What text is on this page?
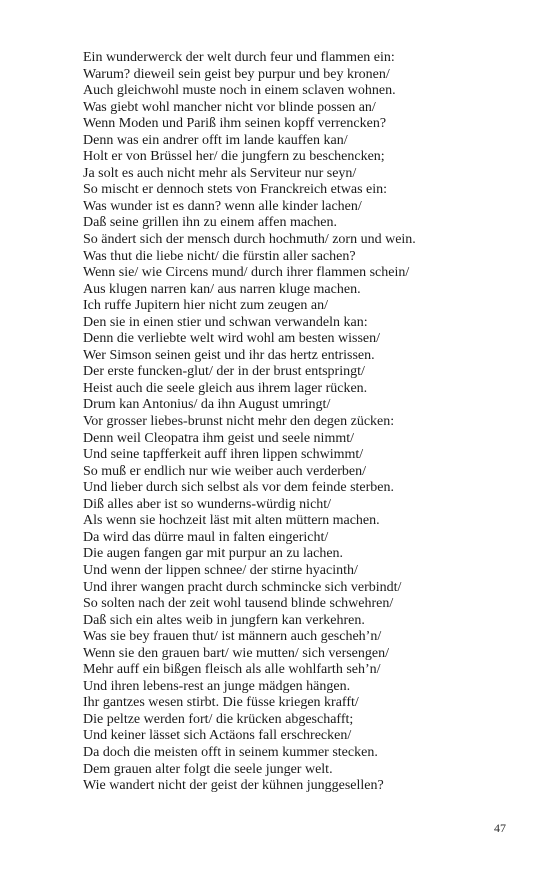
Ein wunderwerck der welt durch feur und flammen ein:
Warum? dieweil sein geist bey purpur und bey kronen/
Auch gleichwohl muste noch in einem sclaven wohnen.
Was giebt wohl mancher nicht vor blinde possen an/
Wenn Moden und Pariß ihm seinen kopff verrencken?
Denn was ein andrer offt im lande kauffen kan/
Holt er von Brüssel her/ die jungfern zu beschencken;
Ja solt es auch nicht mehr als Serviteur nur seyn/
So mischt er dennoch stets von Franckreich etwas ein:
Was wunder ist es dann? wenn alle kinder lachen/
Daß seine grillen ihn zu einem affen machen.
So ändert sich der mensch durch hochmuth/ zorn und wein.
Was thut die liebe nicht/ die fürstin aller sachen?
Wenn sie/ wie Circens mund/ durch ihrer flammen schein/
Aus klugen narren kan/ aus narren kluge machen.
Ich ruffe Jupitern hier nicht zum zeugen an/
Den sie in einen stier und schwan verwandeln kan:
Denn die verliebte welt wird wohl am besten wissen/
Wer Simson seinen geist und ihr das hertz entrissen.
Der erste funcken-glut/ der in der brust entspringt/
Heist auch die seele gleich aus ihrem lager rücken.
Drum kan Antonius/ da ihn August umringt/
Vor grosser liebes-brunst nicht mehr den degen zücken:
Denn weil Cleopatra ihm geist und seele nimmt/
Und seine tapfferkeit auff ihren lippen schwimmt/
So muß er endlich nur wie weiber auch verderben/
Und lieber durch sich selbst als vor dem feinde sterben.
Diß alles aber ist so wunderns-würdig nicht/
Als wenn sie hochzeit läst mit alten müttern machen.
Da wird das dürre maul in falten eingericht/
Die augen fangen gar mit purpur an zu lachen.
Und wenn der lippen schnee/ der stirne hyacinth/
Und ihrer wangen pracht durch schmincke sich verbindt/
So solten nach der zeit wohl tausend blinde schwehren/
Daß sich ein altes weib in jungfern kan verkehren.
Was sie bey frauen thut/ ist männern auch gescheh’n/
Wenn sie den grauen bart/ wie mutten/ sich versengen/
Mehr auff ein bißgen fleisch als alle wohlfarth seh’n/
Und ihren lebens-rest an junge mädgen hängen.
Ihr gantzes wesen stirbt. Die füsse kriegen krafft/
Die peltze werden fort/ die krücken abgeschafft;
Und keiner lässet sich Actäons fall erschrecken/
Da doch die meisten offt in seinem kummer stecken.
Dem grauen alter folgt die seele junger welt.
Wie wandert nicht der geist der kühnen junggesellen?
47
